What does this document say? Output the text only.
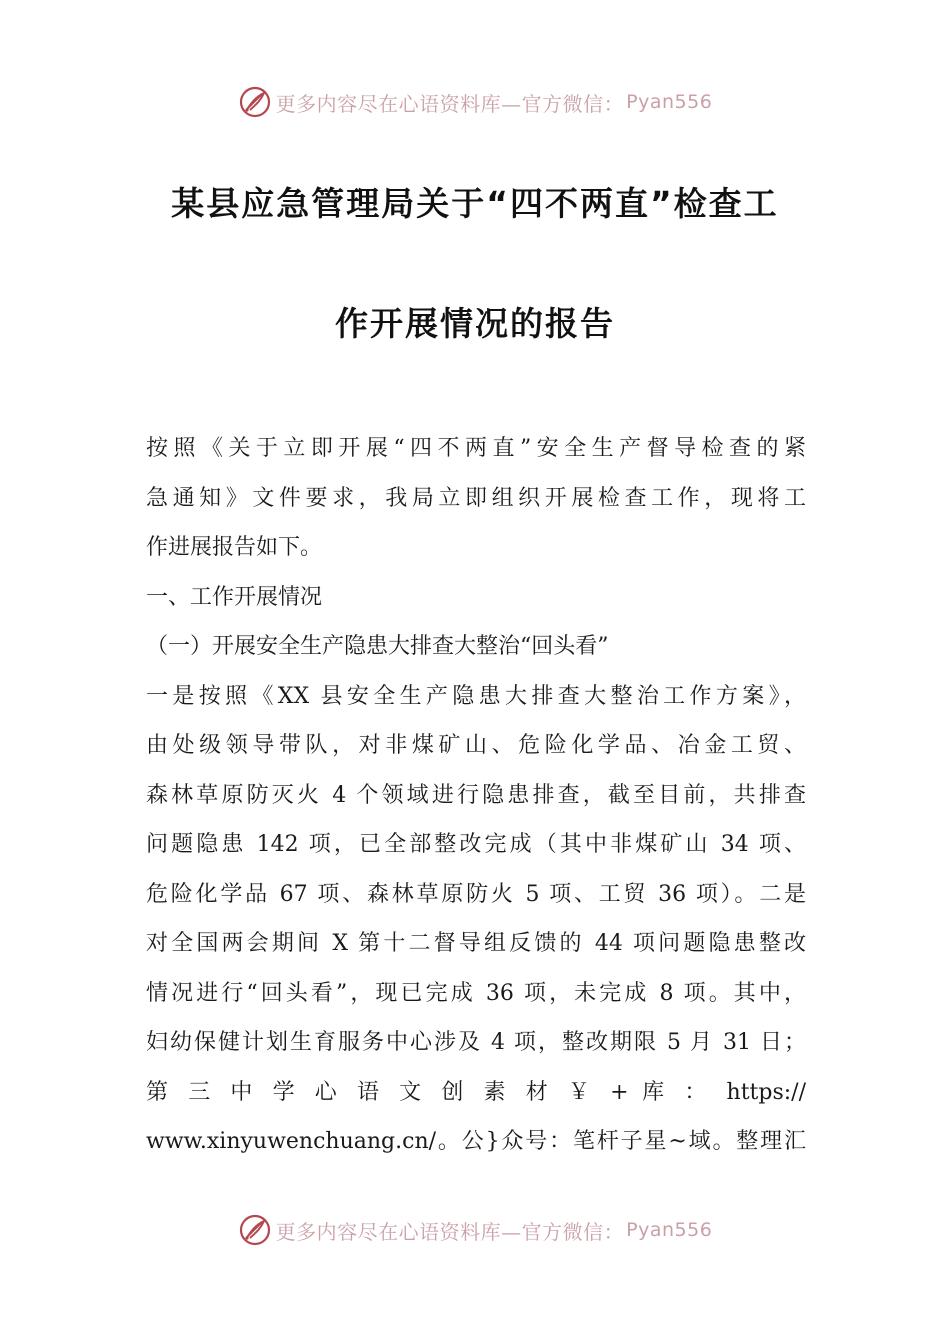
更多内容尽在心语资料库—官方微信： Pyan556
某县应急管理局关于“四不两直”检查工
作开展情况的报告
按照《关于立即开展“四不两直”安全生产督导检查的紧
急通知》文件要求，我局立即组织开展检查工作，现将工
作进展报告如下。
一、工作开展情况
（一）开展安全生产隐患大排查大整治“回头看”
一是按照《XX 县安全生产隐患大排查大整治工作方案》，
由处级领导带队，对非煤矿山、危险化学品、冶金工贸、
森林草原防灭火 4 个领域进行隐患排查，截至目前，共排查
问题隐患 142 项，已全部整改完成（其中非煤矿山 34 项、
危险化学品 67 项、森林草原防火 5 项、工贸 36 项）。二是
对全国两会期间 X 第十二督导组反馈的 44 项问题隐患整改
情况进行“回头看”，现已完成 36 项，未完成 8 项。其中，
妇幼保健计划生育服务中心涉及 4 项，整改期限 5 月 31 日；
第 三 中 学 心 语 文 创 素 材 ￥ + 库 ： https://
www.xinyuwenchuang.cn/。公}众号：笔杆子星~域。整理汇
更多内容尽在心语资料库—官方微信： Pyan556
